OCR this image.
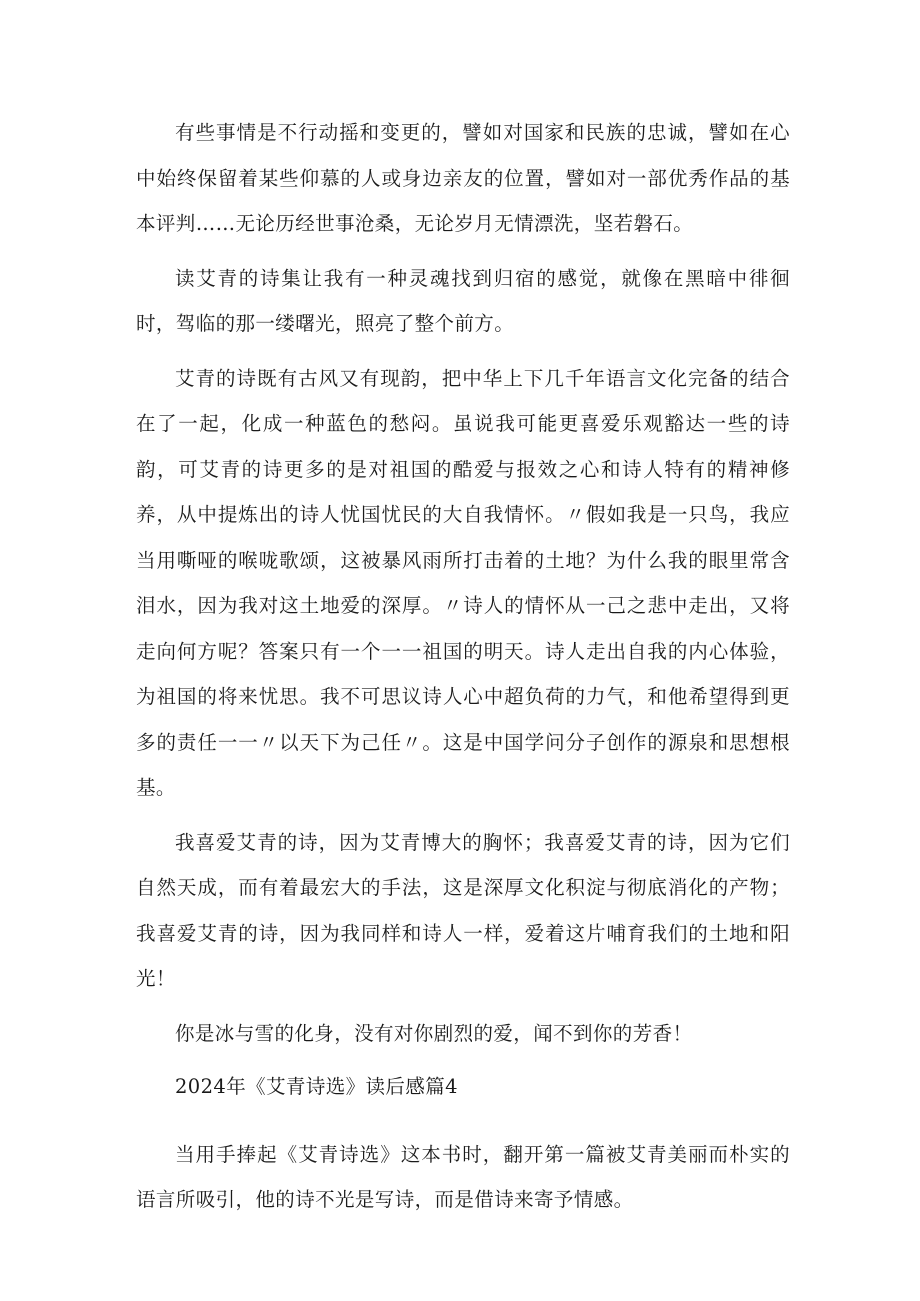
有些事情是不行动摇和变更的，譬如对国家和民族的忠诚，譬如在心中始终保留着某些仰慕的人或身边亲友的位置，譬如对一部优秀作品的基本评判……无论历经世事沧桑，无论岁月无情漂洗，坚若磐石。

读艾青的诗集让我有一种灵魂找到归宿的感觉，就像在黑暗中徘徊时，驾临的那一缕曙光，照亮了整个前方。

艾青的诗既有古风又有现韵，把中华上下几千年语言文化完备的结合在了一起，化成一种蓝色的愁闷。虽说我可能更喜爱乐观豁达一些的诗韵，可艾青的诗更多的是对祖国的酷爱与报效之心和诗人特有的精神修养，从中提炼出的诗人忧国忧民的大自我情怀。〃假如我是一只鸟，我应当用嘶哑的喉咙歌颂，这被暴风雨所打击着的土地？为什么我的眼里常含泪水，因为我对这土地爱的深厚。〃诗人的情怀从一己之悲中走出，又将走向何方呢？答案只有一个一一祖国的明天。诗人走出自我的内心体验，为祖国的将来忧思。我不可思议诗人心中超负荷的力气，和他希望得到更多的责任一一〃以天下为己任〃。这是中国学问分子创作的源泉和思想根基。

我喜爱艾青的诗，因为艾青博大的胸怀；我喜爱艾青的诗，因为它们自然天成，而有着最宏大的手法，这是深厚文化积淀与彻底消化的产物；我喜爱艾青的诗，因为我同样和诗人一样，爱着这片哺育我们的土地和阳光！

你是冰与雪的化身，没有对你剧烈的爱，闻不到你的芳香！

2024年《艾青诗选》读后感篇4

当用手捧起《艾青诗选》这本书时，翻开第一篇被艾青美丽而朴实的语言所吸引，他的诗不光是写诗，而是借诗来寄予情感。
